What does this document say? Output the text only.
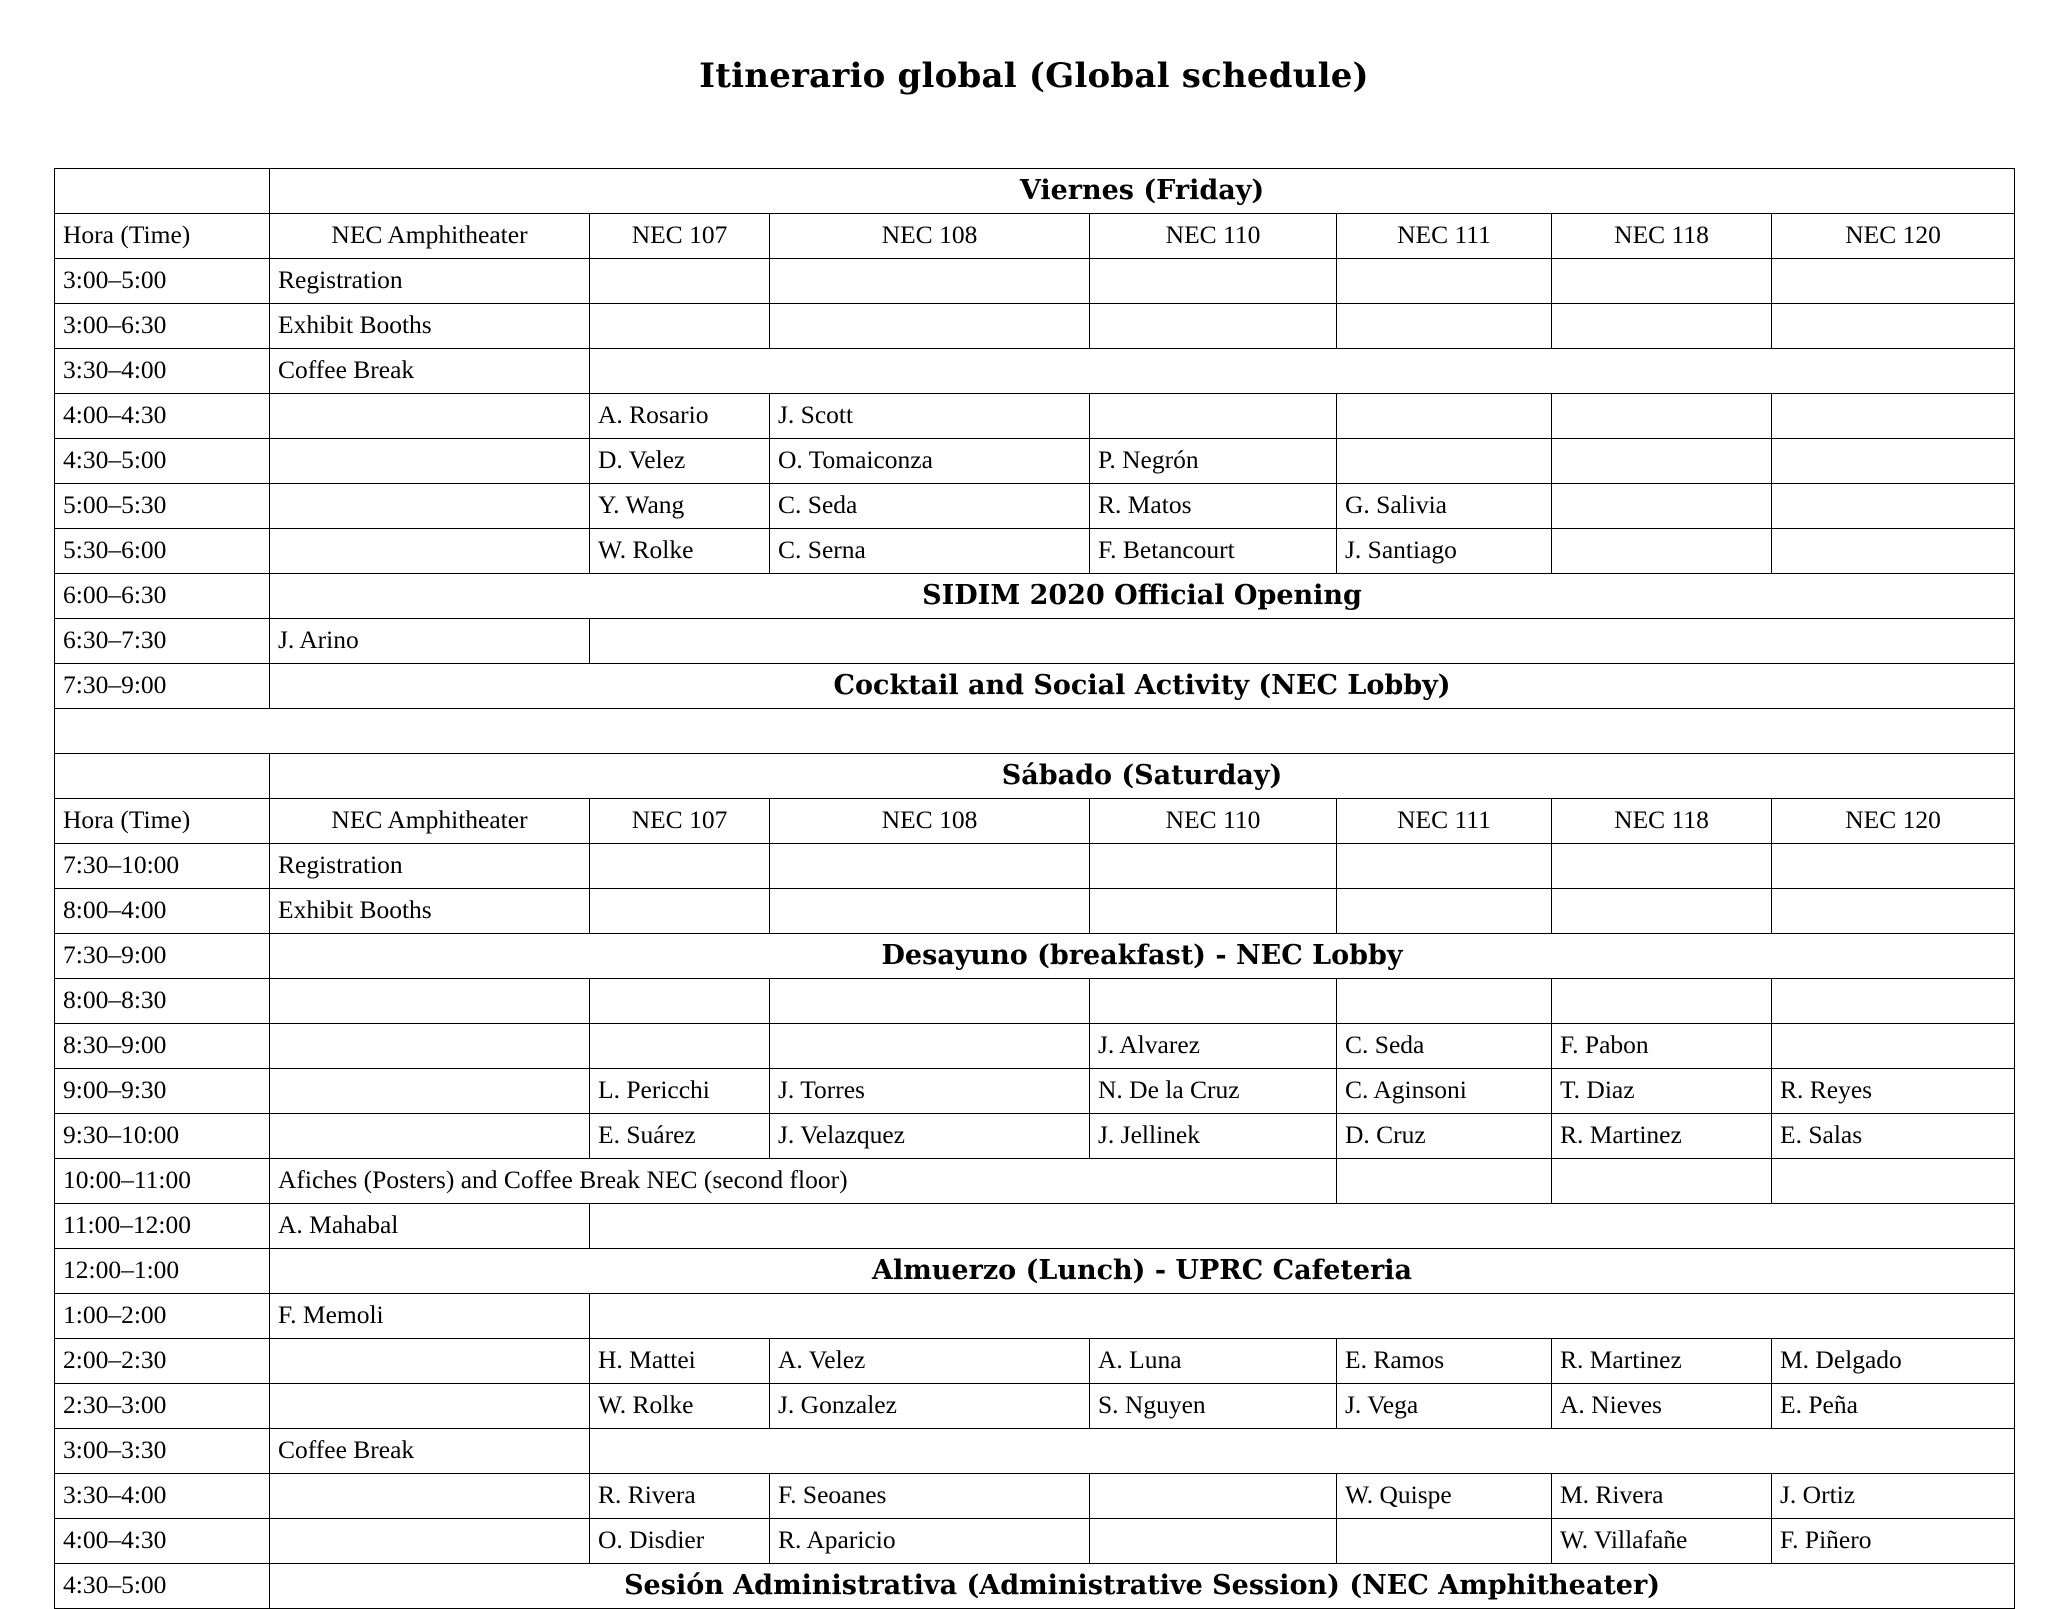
Itinerario global (Global schedule)
	Viernes (Friday)						
Hora (Time)	NEC Amphitheater	NEC 107	NEC 108	NEC 110	NEC 111	NEC 118	NEC 120
3:00–5:00	Registration						
3:00–6:30	Exhibit Booths						
3:30–4:00	Coffee Break						
4:00–4:30		A. Rosario	J. Scott				
4:30–5:00		D. Velez	O. Tomaiconza	P. Negrón			
5:00–5:30		Y. Wang	C. Seda	R. Matos	G. Salivia		
5:30–6:00		W. Rolke	C. Serna	F. Betancourt	J. Santiago		
6:00–6:30	SIDIM 2020 Official Opening						
6:30–7:30	J. Arino						
7:30–9:00	Cocktail and Social Activity (NEC Lobby)						

	Sábado (Saturday)						
Hora (Time)	NEC Amphitheater	NEC 107	NEC 108	NEC 110	NEC 111	NEC 118	NEC 120
7:30–10:00	Registration						
8:00–4:00	Exhibit Booths						
7:30–9:00	Desayuno (breakfast) - NEC Lobby						
8:00–8:30							
8:30–9:00				J. Alvarez	C. Seda	F. Pabon	
9:00–9:30		L. Pericchi	J. Torres	N. De la Cruz	C. Aginsoni	T. Diaz	R. Reyes
9:30–10:00		E. Suárez	J. Velazquez	J. Jellinek	D. Cruz	R. Martinez	E. Salas
10:00–11:00	Afiches (Posters) and Coffee Break NEC (second floor)						
11:00–12:00	A. Mahabal						
12:00–1:00	Almuerzo (Lunch) - UPRC Cafeteria						
1:00–2:00	F. Memoli						
2:00–2:30		H. Mattei	A. Velez	A. Luna	E. Ramos	R. Martinez	M. Delgado
2:30–3:00		W. Rolke	J. Gonzalez	S. Nguyen	J. Vega	A. Nieves	E. Peña
3:00–3:30	Coffee Break						
3:30–4:00		R. Rivera	F. Seoanes		W. Quispe	M. Rivera	J. Ortiz
4:00–4:30		O. Disdier	R. Aparicio			W. Villafañe	F. Piñero
4:30–5:00	Sesión Administrativa (Administrative Session) (NEC Amphitheater)						
